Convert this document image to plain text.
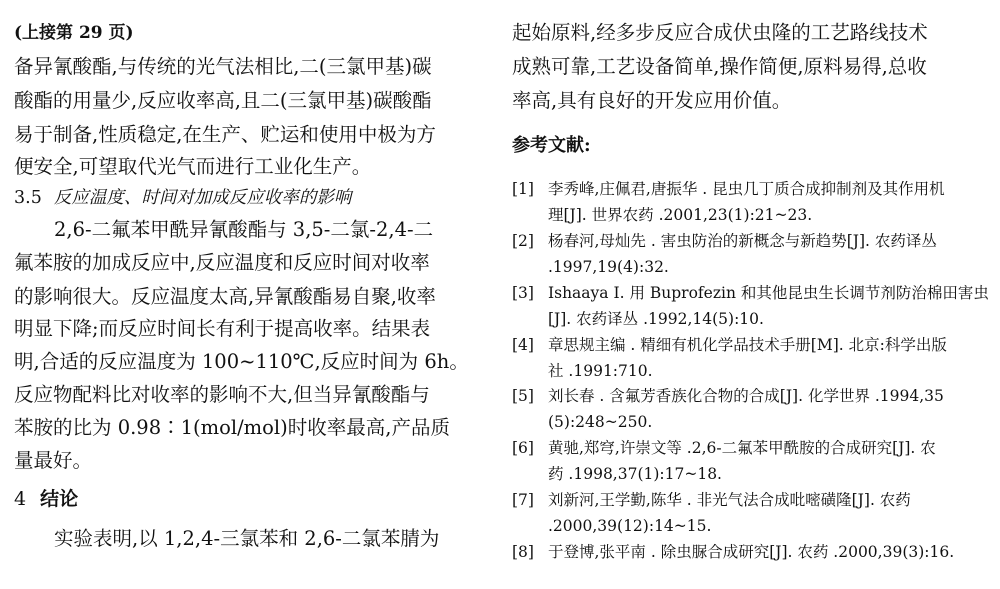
(上接第 29 页)
备异氰酸酯,与传统的光气法相比,二(三氯甲基)碳
酸酯的用量少,反应收率高,且二(三氯甲基)碳酸酯
易于制备,性质稳定,在生产、贮运和使用中极为方
便安全,可望取代光气而进行工业化生产。
3.5 反应温度、时间对加成反应收率的影响
2,6-二氟苯甲酰异氰酸酯与 3,5-二氯-2,4-二
氟苯胺的加成反应中,反应温度和反应时间对收率
的影响很大。反应温度太高,异氰酸酯易自聚,收率
明显下降;而反应时间长有利于提高收率。结果表
明,合适的反应温度为 100~110℃,反应时间为 6h。
反应物配料比对收率的影响不大,但当异氰酸酯与
苯胺的比为 0.98∶1(mol/mol)时收率最高,产品质
量最好。
4 结论
实验表明,以 1,2,4-三氯苯和 2,6-二氯苯腈为
起始原料,经多步反应合成伏虫隆的工艺路线技术
成熟可靠,工艺设备简单,操作简便,原料易得,总收
率高,具有良好的开发应用价值。
参考文献:
[1] 李秀峰,庄佩君,唐振华 . 昆虫几丁质合成抑制剂及其作用机
理[J]. 世界农药 .2001,23(1):21~23.
[2] 杨春河,母灿先 . 害虫防治的新概念与新趋势[J]. 农药译丛
.1997,19(4):32.
[3] Ishaaya I. 用 Buprofezin 和其他昆虫生长调节剂防治棉田害虫
[J]. 农药译丛 .1992,14(5):10.
[4] 章思规主编 . 精细有机化学品技术手册[M]. 北京:科学出版
社 .1991:710.
[5] 刘长春 . 含氟芳香族化合物的合成[J]. 化学世界 .1994,35
(5):248~250.
[6] 黄驰,郑穹,许崇文等 .2,6-二氟苯甲酰胺的合成研究[J]. 农
药 .1998,37(1):17~18.
[7] 刘新河,王学勤,陈华 . 非光气法合成吡嘧磺隆[J]. 农药
.2000,39(12):14~15.
[8] 于登博,张平南 . 除虫脲合成研究[J]. 农药 .2000,39(3):16.
